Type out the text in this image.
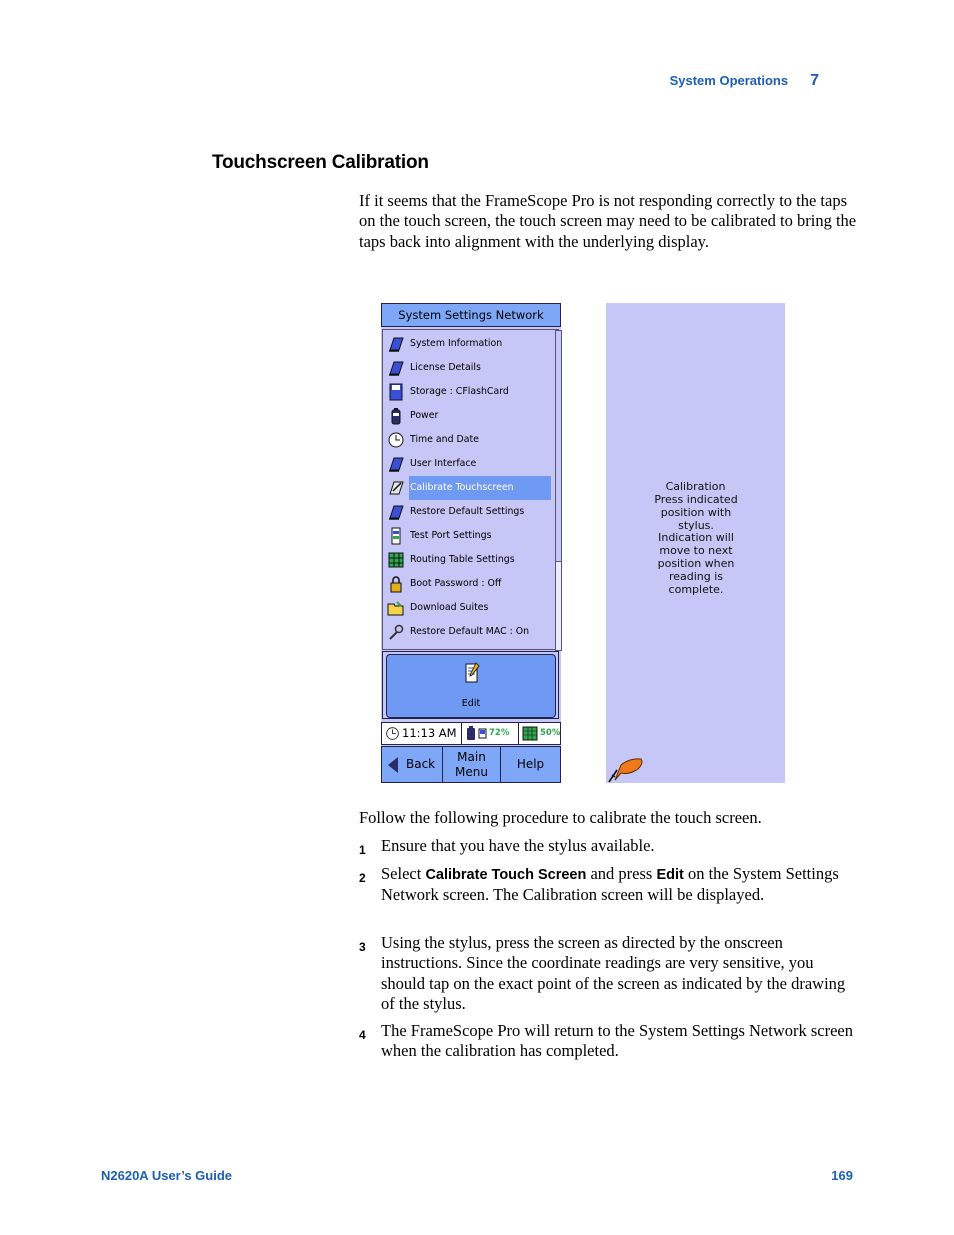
System Operations 7
Touchscreen Calibration
If it seems that the FrameScope Pro is not responding correctly to the taps on the touch screen, the touch screen may need to be calibrated to bring the taps back into alignment with the underlying display.
System Settings Network
System Information
License Details
Storage : CFlashCard
Power
Time and Date
User Interface
Calibrate Touchscreen
Restore Default Settings
Test Port Settings
Routing Table Settings
Boot Password : Off
Download Suites
Restore Default MAC : On
Edit
11:13 AM	72%	50%
Back	Main
Menu
Help
Calibration
Press indicated position with stylus. Indication will move to next position when reading is complete.
Follow the following procedure to calibrate the touch screen.
1 Ensure that you have the stylus available.
2 Select Calibrate Touch Screen and press Edit on the System Settings Network screen. The Calibration screen will be displayed.
3 Using the stylus, press the screen as directed by the onscreen instructions. Since the coordinate readings are very sensitive, you should tap on the exact point of the screen as indicated by the drawing of the stylus.
4 The FrameScope Pro will return to the System Settings Network screen when the calibration has completed.
N2620A User’s Guide	169
